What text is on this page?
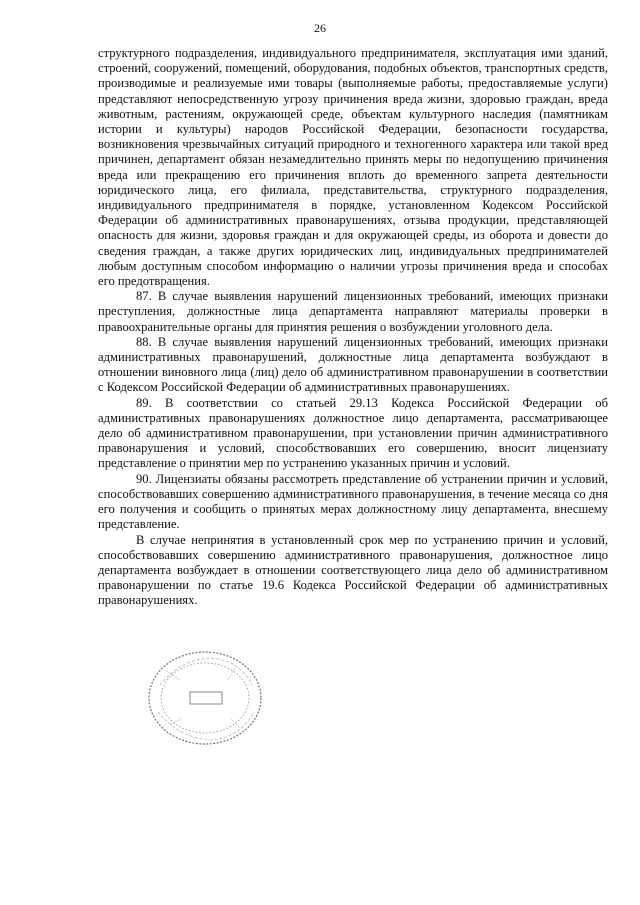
26

структурного подразделения, индивидуального предпринимателя, эксплуатация ими зданий, строений, сооружений, помещений, оборудования, подобных объектов, транспортных средств, производимые и реализуемые ими товары (выполняемые работы, предоставляемые услуги) представляют непосредственную угрозу причинения вреда жизни, здоровью граждан, вреда животным, растениям, окружающей среде, объектам культурного наследия (памятникам истории и культуры) народов Российской Федерации, безопасности государства, возникновения чрезвычайных ситуаций природного и техногенного характера или такой вред причинен, департамент обязан незамедлительно принять меры по недопущению причинения вреда или прекращению его причинения вплоть до временного запрета деятельности юридического лица, его филиала, представительства, структурного подразделения, индивидуального предпринимателя в порядке, установленном Кодексом Российской Федерации об административных правонарушениях, отзыва продукции, представляющей опасность для жизни, здоровья граждан и для окружающей среды, из оборота и довести до сведения граждан, а также других юридических лиц, индивидуальных предпринимателей любым доступным способом информацию о наличии угрозы причинения вреда и способах его предотвращения.

87. В случае выявления нарушений лицензионных требований, имеющих признаки преступления, должностные лица департамента направляют материалы проверки в правоохранительные органы для принятия решения о возбуждении уголовного дела.

88. В случае выявления нарушений лицензионных требований, имеющих признаки административных правонарушений, должностные лица департамента возбуждают в отношении виновного лица (лиц) дело об административном правонарушении в соответствии с Кодексом Российской Федерации об административных правонарушениях.

89. В соответствии со статьей 29.13 Кодекса Российской Федерации об административных правонарушениях должностное лицо департамента, рассматривающее дело об административном правонарушении, при установлении причин административного правонарушения и условий, способствовавших его совершению, вносит лицензиату представление о принятии мер по устранению указанных причин и условий.

90. Лицензиаты обязаны рассмотреть представление об устранении причин и условий, способствовавших совершению административного правонарушения, в течение месяца со дня его получения и сообщить о принятых мерах должностному лицу департамента, внесшему представление.

В случае непринятия в установленный срок мер по устранению причин и условий, способствовавших совершению административного правонарушения, должностное лицо департамента возбуждает в отношении соответствующего лица дело об административном правонарушении по статье 19.6 Кодекса Российской Федерации об административных правонарушениях.
